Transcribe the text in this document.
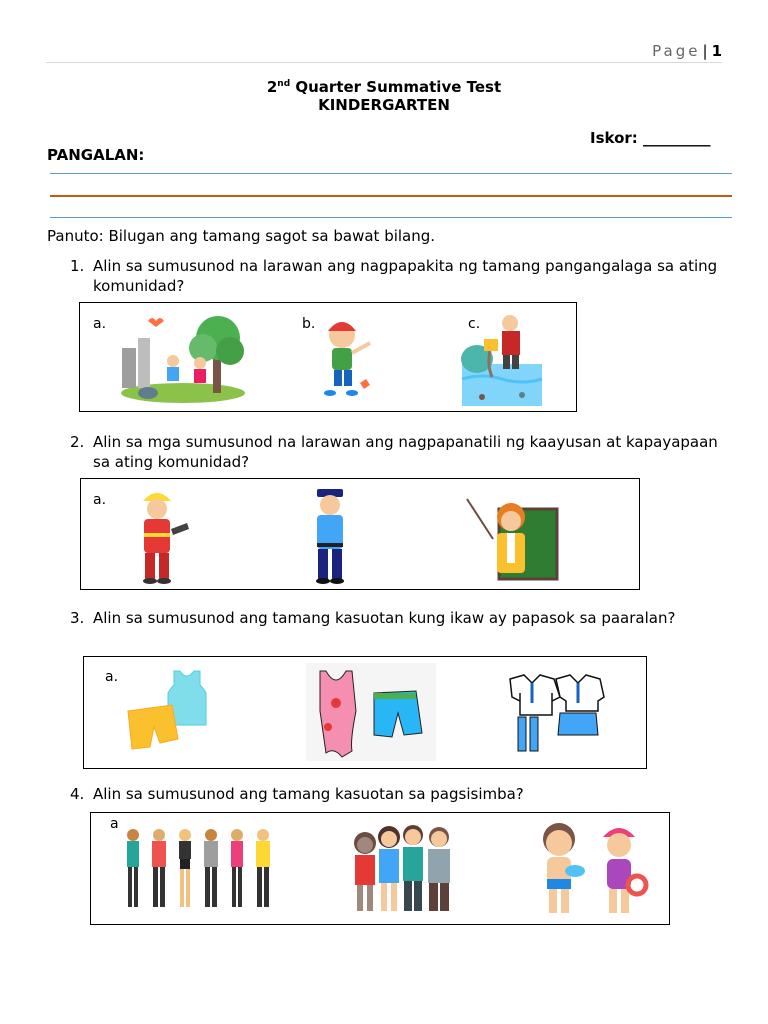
Page | 1
2nd Quarter Summative Test
KINDERGARTEN
Iskor: _________
PANGALAN:
Panuto: Bilugan ang tamang sagot sa bawat bilang.
1. Alin sa sumusunod na larawan ang nagpapakita ng tamang pangangalaga sa ating komunidad?
a.	b.	c.
2. Alin sa mga sumusunod na larawan ang nagpapanatili ng kaayusan at kapayapaan sa ating komunidad?
a.
3. Alin sa sumusunod ang tamang kasuotan kung ikaw ay papasok sa paaralan?
a.
4. Alin sa sumusunod ang tamang kasuotan sa pagsisimba?
a
